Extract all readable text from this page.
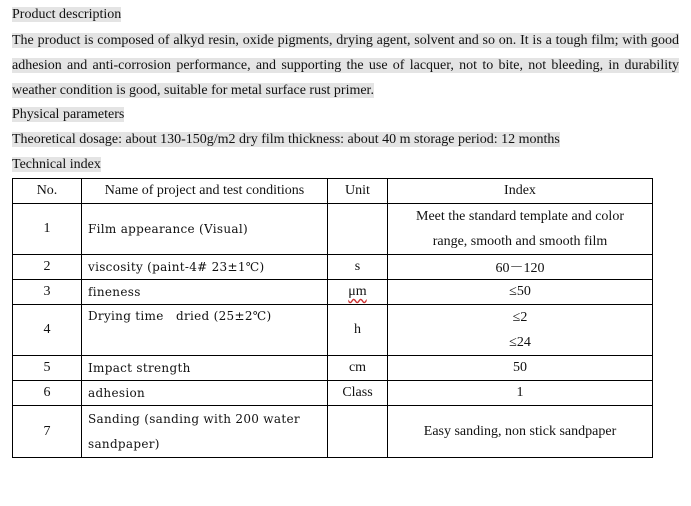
Product description
The product is composed of alkyd resin, oxide pigments, drying agent, solvent and so on. It is a tough film; with good adhesion and anti-corrosion performance, and supporting the use of lacquer, not to bite, not bleeding, in durability weather condition is good, suitable for metal surface rust primer.
Physical parameters
Theoretical dosage: about 130-150g/m2 dry film thickness: about 40 m storage period: 12 months
Technical index
No.	Name of project and test conditions	Unit	Index
1	Film appearance (Visual)		Meet the standard template and color
range, smooth and smooth film

2	viscosity (paint-4# 23±1℃)	s	60－120
3	fineness	μm	≤50
4	Drying time   dried (25±2℃)	h	≤2
≤24

5	Impact strength	cm	50
6	adhesion	Class	1
7	Sanding (sanding with 200 water
sandpaper)		Easy sanding, non stick sandpaper
